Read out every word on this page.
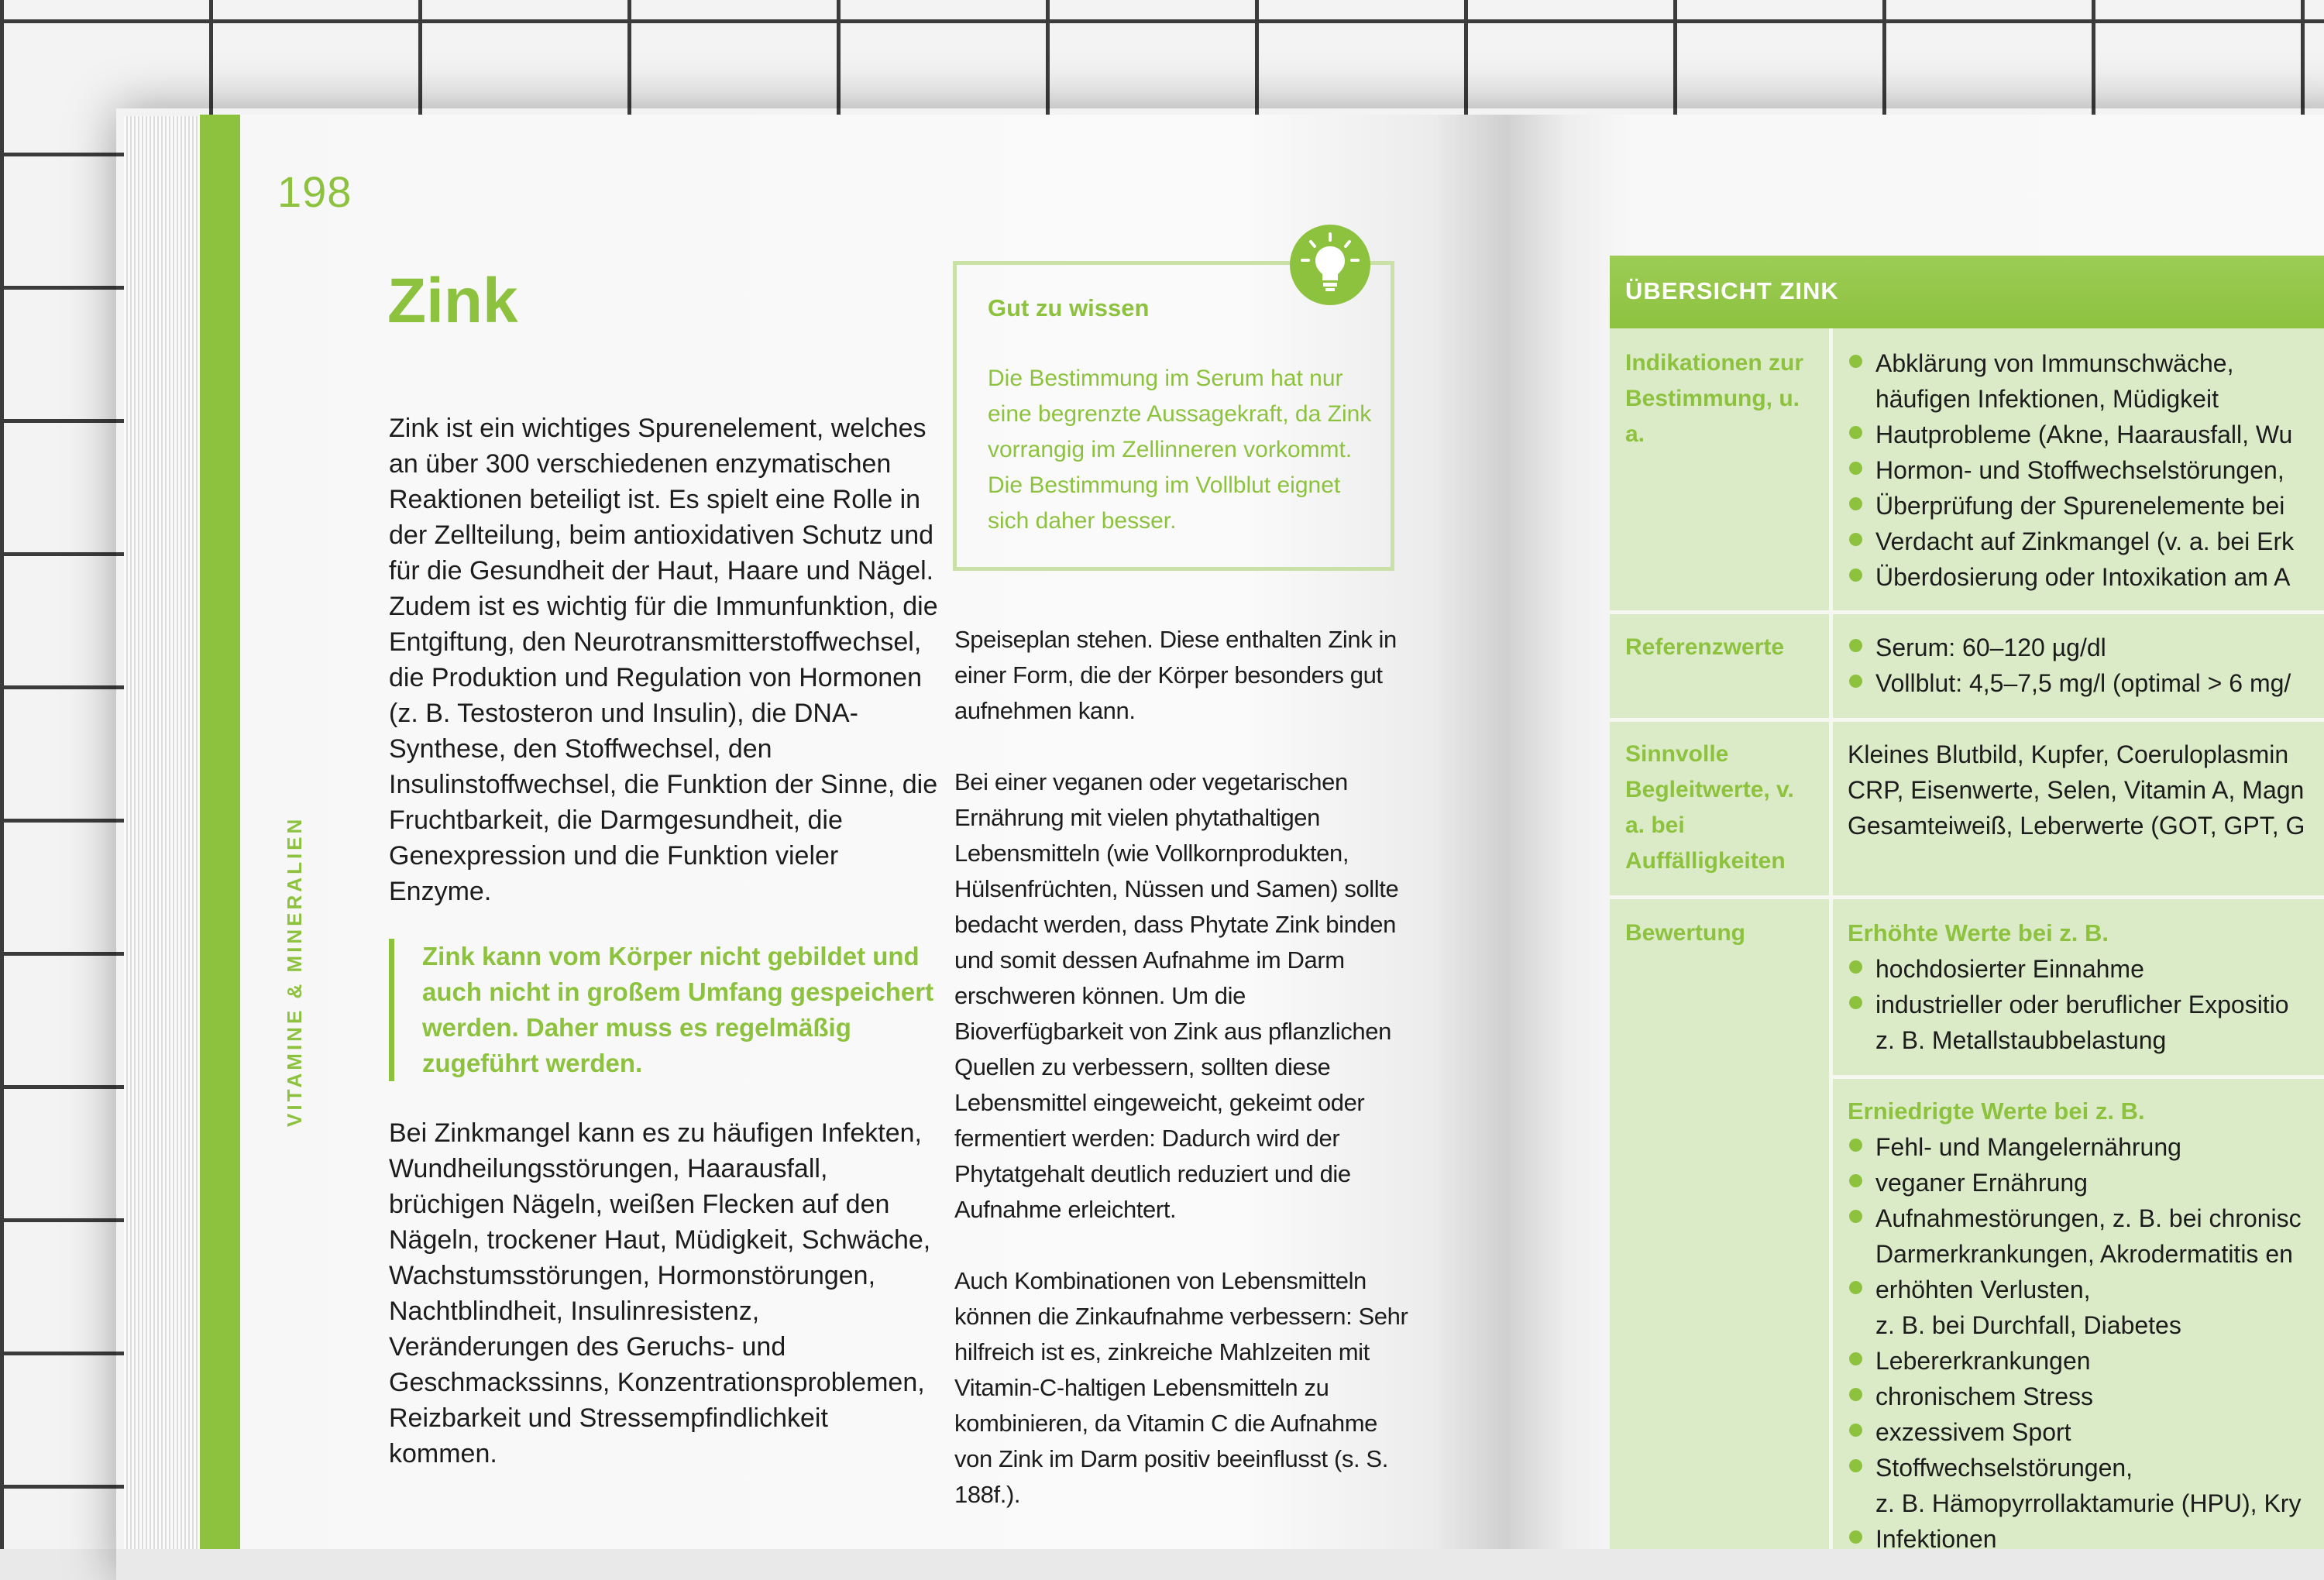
198
VITAMINE & MINERALIEN
Zink

Zink ist ein wichtiges Spurenelement, welches an über 300 verschiedenen enzymatischen Reaktionen beteiligt ist. Es spielt eine Rolle in der Zellteilung, beim antioxidativen Schutz und für die Gesundheit der Haut, Haare und Nägel. Zudem ist es wichtig für die Immunfunktion, die Entgiftung, den Neurotransmitterstoffwechsel, die Produktion und Regulation von Hormonen (z. B. Testosteron und Insulin), die DNA-Synthese, den Stoffwechsel, den Insulinstoffwechsel, die Funktion der Sinne, die Fruchtbarkeit, die Darmgesundheit, die Genexpression und die Funktion vieler Enzyme.

Zink kann vom Körper nicht gebildet und auch nicht in großem Umfang gespeichert werden. Daher muss es regelmäßig zugeführt werden.

Bei Zinkmangel kann es zu häufigen Infekten, Wundheilungsstörungen, Haarausfall, brüchigen Nägeln, weißen Flecken auf den Nägeln, trockener Haut, Müdigkeit, Schwäche, Wachstumsstörungen, Hormonstörungen, Nachtblindheit, Insulinresistenz, Veränderungen des Geruchs- und Geschmackssinns, Konzentrationsproblemen, Reizbarkeit und Stressempfindlichkeit kommen.

Gut zu wissen

Die Bestimmung im Serum hat nur eine begrenzte Aussagekraft, da Zink vorrangig im Zellinneren vorkommt. Die Bestimmung im Vollblut eignet sich daher besser.

Speiseplan stehen. Diese enthalten Zink in einer Form, die der Körper besonders gut aufnehmen kann.

Bei einer veganen oder vegetarischen Ernährung mit vielen phytathaltigen Lebensmitteln (wie Vollkornprodukten, Hülsenfrüchten, Nüssen und Samen) sollte bedacht werden, dass Phytate Zink binden und somit dessen Aufnahme im Darm erschweren können. Um die Bioverfügbarkeit von Zink aus pflanzlichen Quellen zu verbessern, sollten diese Lebensmittel eingeweicht, gekeimt oder fermentiert werden: Dadurch wird der Phytatgehalt deutlich reduziert und die Aufnahme erleichtert.

Auch Kombinationen von Lebensmitteln können die Zinkaufnahme verbessern: Sehr hilfreich ist es, zinkreiche Mahlzeiten mit Vitamin-C-haltigen Lebensmitteln zu kombinieren, da Vitamin C die Aufnahme von Zink im Darm positiv beeinflusst (s. S. 188f.).

ÜBERSICHT ZINK
Indikationen zur Bestimmung, u. a.
Abklärung von Immunschwäche,
häufigen Infektionen, Müdigkeit
Hautprobleme (Akne, Haarausfall, Wu
Hormon- und Stoffwechselstörungen,
Überprüfung der Spurenelemente bei
Verdacht auf Zinkmangel (v. a. bei Erk
Überdosierung oder Intoxikation am A
Referenzwerte	Serum: 60–120 µg/dl
Vollblut: 4,5–7,5 mg/l (optimal > 6 mg/
Sinnvolle Begleitwerte, v. a. bei Auffälligkeiten
Kleines Blutbild, Kupfer, Coeruloplasmin
CRP, Eisenwerte, Selen, Vitamin A, Magn
Gesamteiweiß, Leberwerte (GOT, GPT, G
Bewertung	Erhöhte Werte bei z. B.
hochdosierter Einnahme
industrieller oder beruflicher Expositio
z. B. Metallstaubbelastung
Erniedrigte Werte bei z. B.
Fehl- und Mangelernährung
veganer Ernährung
Aufnahmestörungen, z. B. bei chronisc
Darmerkrankungen, Akrodermatitis en
erhöhten Verlusten,
z. B. bei Durchfall, Diabetes
Lebererkrankungen
chronischem Stress
exzessivem Sport
Stoffwechselstörungen,
z. B. Hämopyrrollaktamurie (HPU), Kry
Infektionen
